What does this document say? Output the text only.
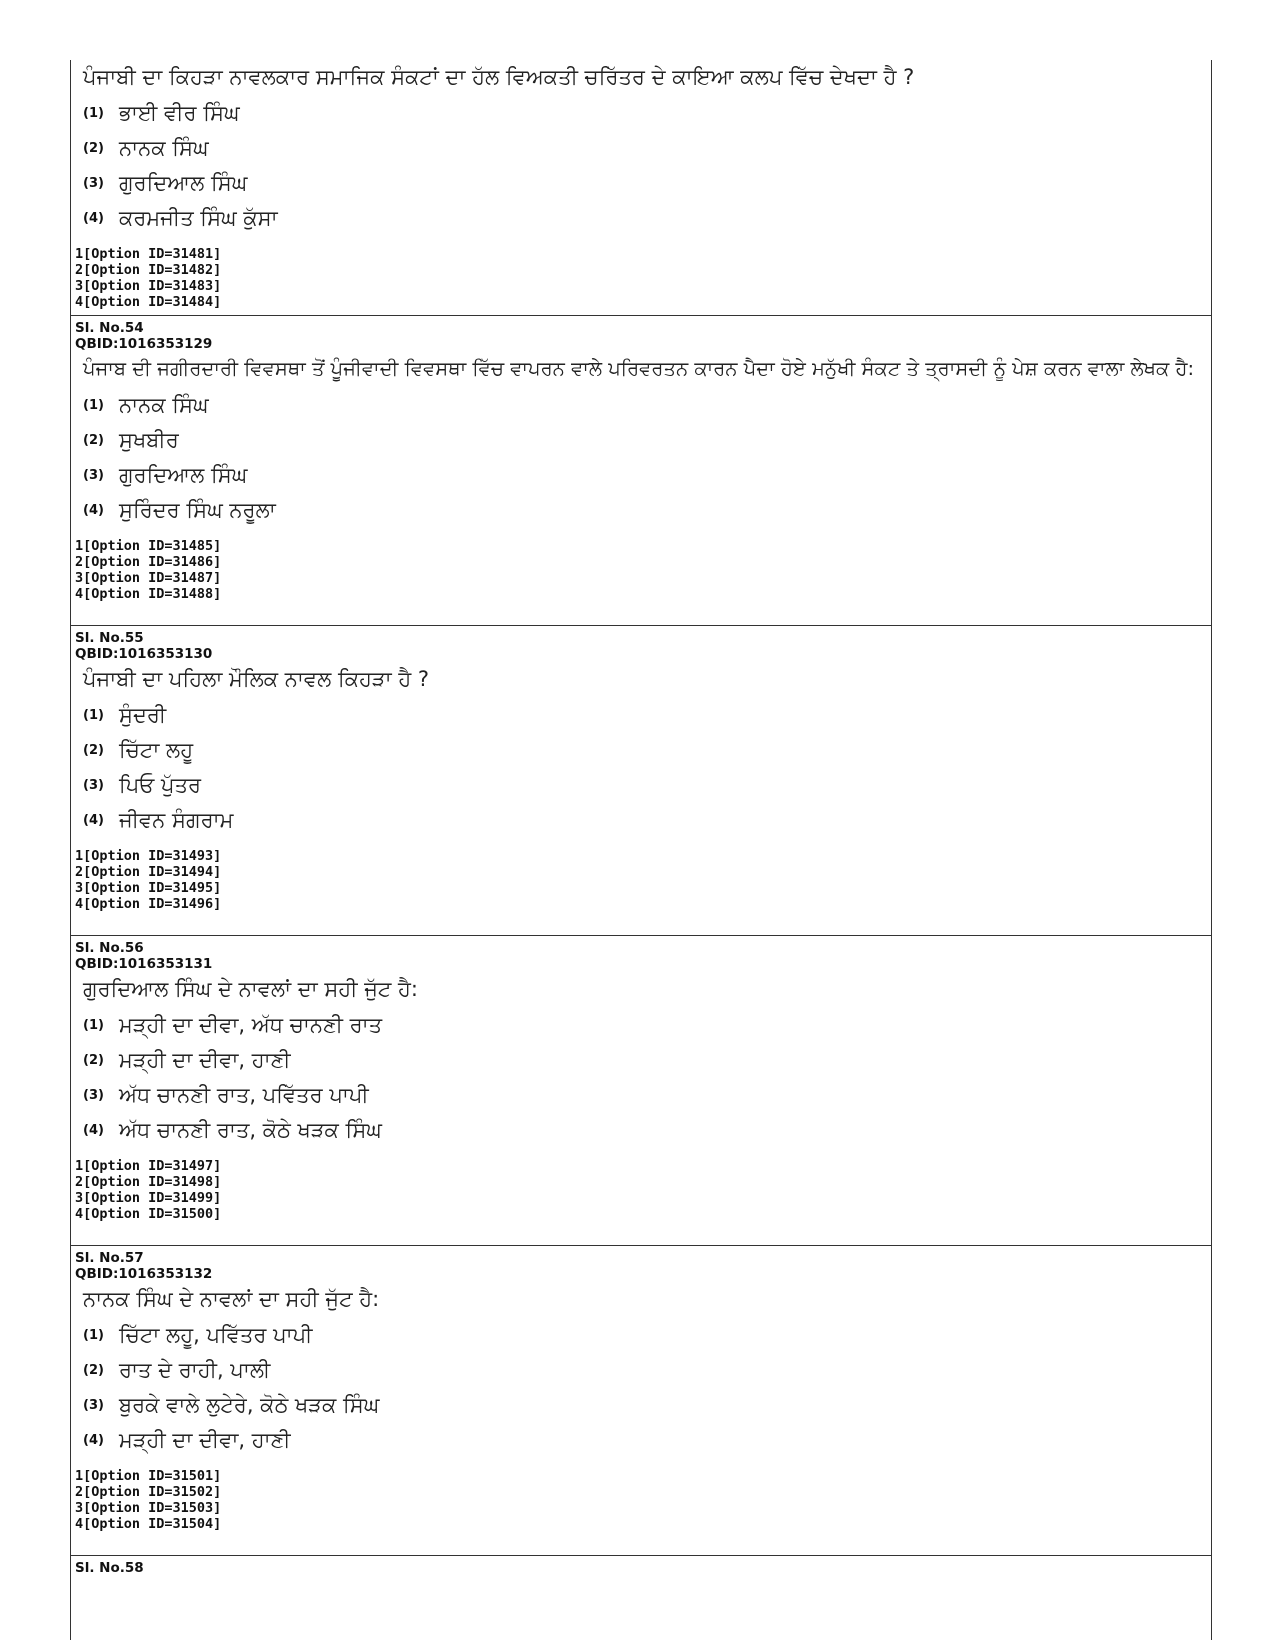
ਪੰਜਾਬੀ ਦਾ ਕਿਹੜਾ ਨਾਵਲਕਾਰ ਸਮਾਜਿਕ ਸੰਕਟਾਂ ਦਾ ਹੱਲ ਵਿਅਕਤੀ ਚਰਿੱਤਰ ਦੇ ਕਾਇਆ ਕਲਪ ਵਿੱਚ ਦੇਖਦਾ ਹੈ ?
(1) ਭਾਈ ਵੀਰ ਸਿੰਘ
(2) ਨਾਨਕ ਸਿੰਘ
(3) ਗੁਰਦਿਆਲ ਸਿੰਘ
(4) ਕਰਮਜੀਤ ਸਿੰਘ ਕੁੱਸਾ
1[Option ID=31481]
2[Option ID=31482]
3[Option ID=31483]
4[Option ID=31484]
Sl. No.54
QBID:1016353129
ਪੰਜਾਬ ਦੀ ਜਗੀਰਦਾਰੀ ਵਿਵਸਥਾ ਤੋਂ ਪੂੰਜੀਵਾਦੀ ਵਿਵਸਥਾ ਵਿੱਚ ਵਾਪਰਨ ਵਾਲੇ ਪਰਿਵਰਤਨ ਕਾਰਨ ਪੈਦਾ ਹੋਏ ਮਨੁੱਖੀ ਸੰਕਟ ਤੇ ਤ੍ਰਾਸਦੀ ਨੂੰ ਪੇਸ਼ ਕਰਨ ਵਾਲਾ ਲੇਖਕ ਹੈ:
(1) ਨਾਨਕ ਸਿੰਘ
(2) ਸੁਖਬੀਰ
(3) ਗੁਰਦਿਆਲ ਸਿੰਘ
(4) ਸੁਰਿੰਦਰ ਸਿੰਘ ਨਰੂਲਾ
1[Option ID=31485]
2[Option ID=31486]
3[Option ID=31487]
4[Option ID=31488]
Sl. No.55
QBID:1016353130
ਪੰਜਾਬੀ ਦਾ ਪਹਿਲਾ ਮੌਲਿਕ ਨਾਵਲ ਕਿਹੜਾ ਹੈ ?
(1) ਸੁੰਦਰੀ
(2) ਚਿੱਟਾ ਲਹੂ
(3) ਪਿਓ ਪੁੱਤਰ
(4) ਜੀਵਨ ਸੰਗਰਾਮ
1[Option ID=31493]
2[Option ID=31494]
3[Option ID=31495]
4[Option ID=31496]
Sl. No.56
QBID:1016353131
ਗੁਰਦਿਆਲ ਸਿੰਘ ਦੇ ਨਾਵਲਾਂ ਦਾ ਸਹੀ ਜੁੱਟ ਹੈ:
(1) ਮੜ੍ਹੀ ਦਾ ਦੀਵਾ, ਅੱਧ ਚਾਨਣੀ ਰਾਤ
(2) ਮੜ੍ਹੀ ਦਾ ਦੀਵਾ, ਹਾਣੀ
(3) ਅੱਧ ਚਾਨਣੀ ਰਾਤ, ਪਵਿੱਤਰ ਪਾਪੀ
(4) ਅੱਧ ਚਾਨਣੀ ਰਾਤ, ਕੋਠੇ ਖੜਕ ਸਿੰਘ
1[Option ID=31497]
2[Option ID=31498]
3[Option ID=31499]
4[Option ID=31500]
Sl. No.57
QBID:1016353132
ਨਾਨਕ ਸਿੰਘ ਦੇ ਨਾਵਲਾਂ ਦਾ ਸਹੀ ਜੁੱਟ ਹੈ:
(1) ਚਿੱਟਾ ਲਹੂ, ਪਵਿੱਤਰ ਪਾਪੀ
(2) ਰਾਤ ਦੇ ਰਾਹੀ, ਪਾਲੀ
(3) ਬੁਰਕੇ ਵਾਲੇ ਲੁਟੇਰੇ, ਕੋਠੇ ਖੜਕ ਸਿੰਘ
(4) ਮੜ੍ਹੀ ਦਾ ਦੀਵਾ, ਹਾਣੀ
1[Option ID=31501]
2[Option ID=31502]
3[Option ID=31503]
4[Option ID=31504]
Sl. No.58
